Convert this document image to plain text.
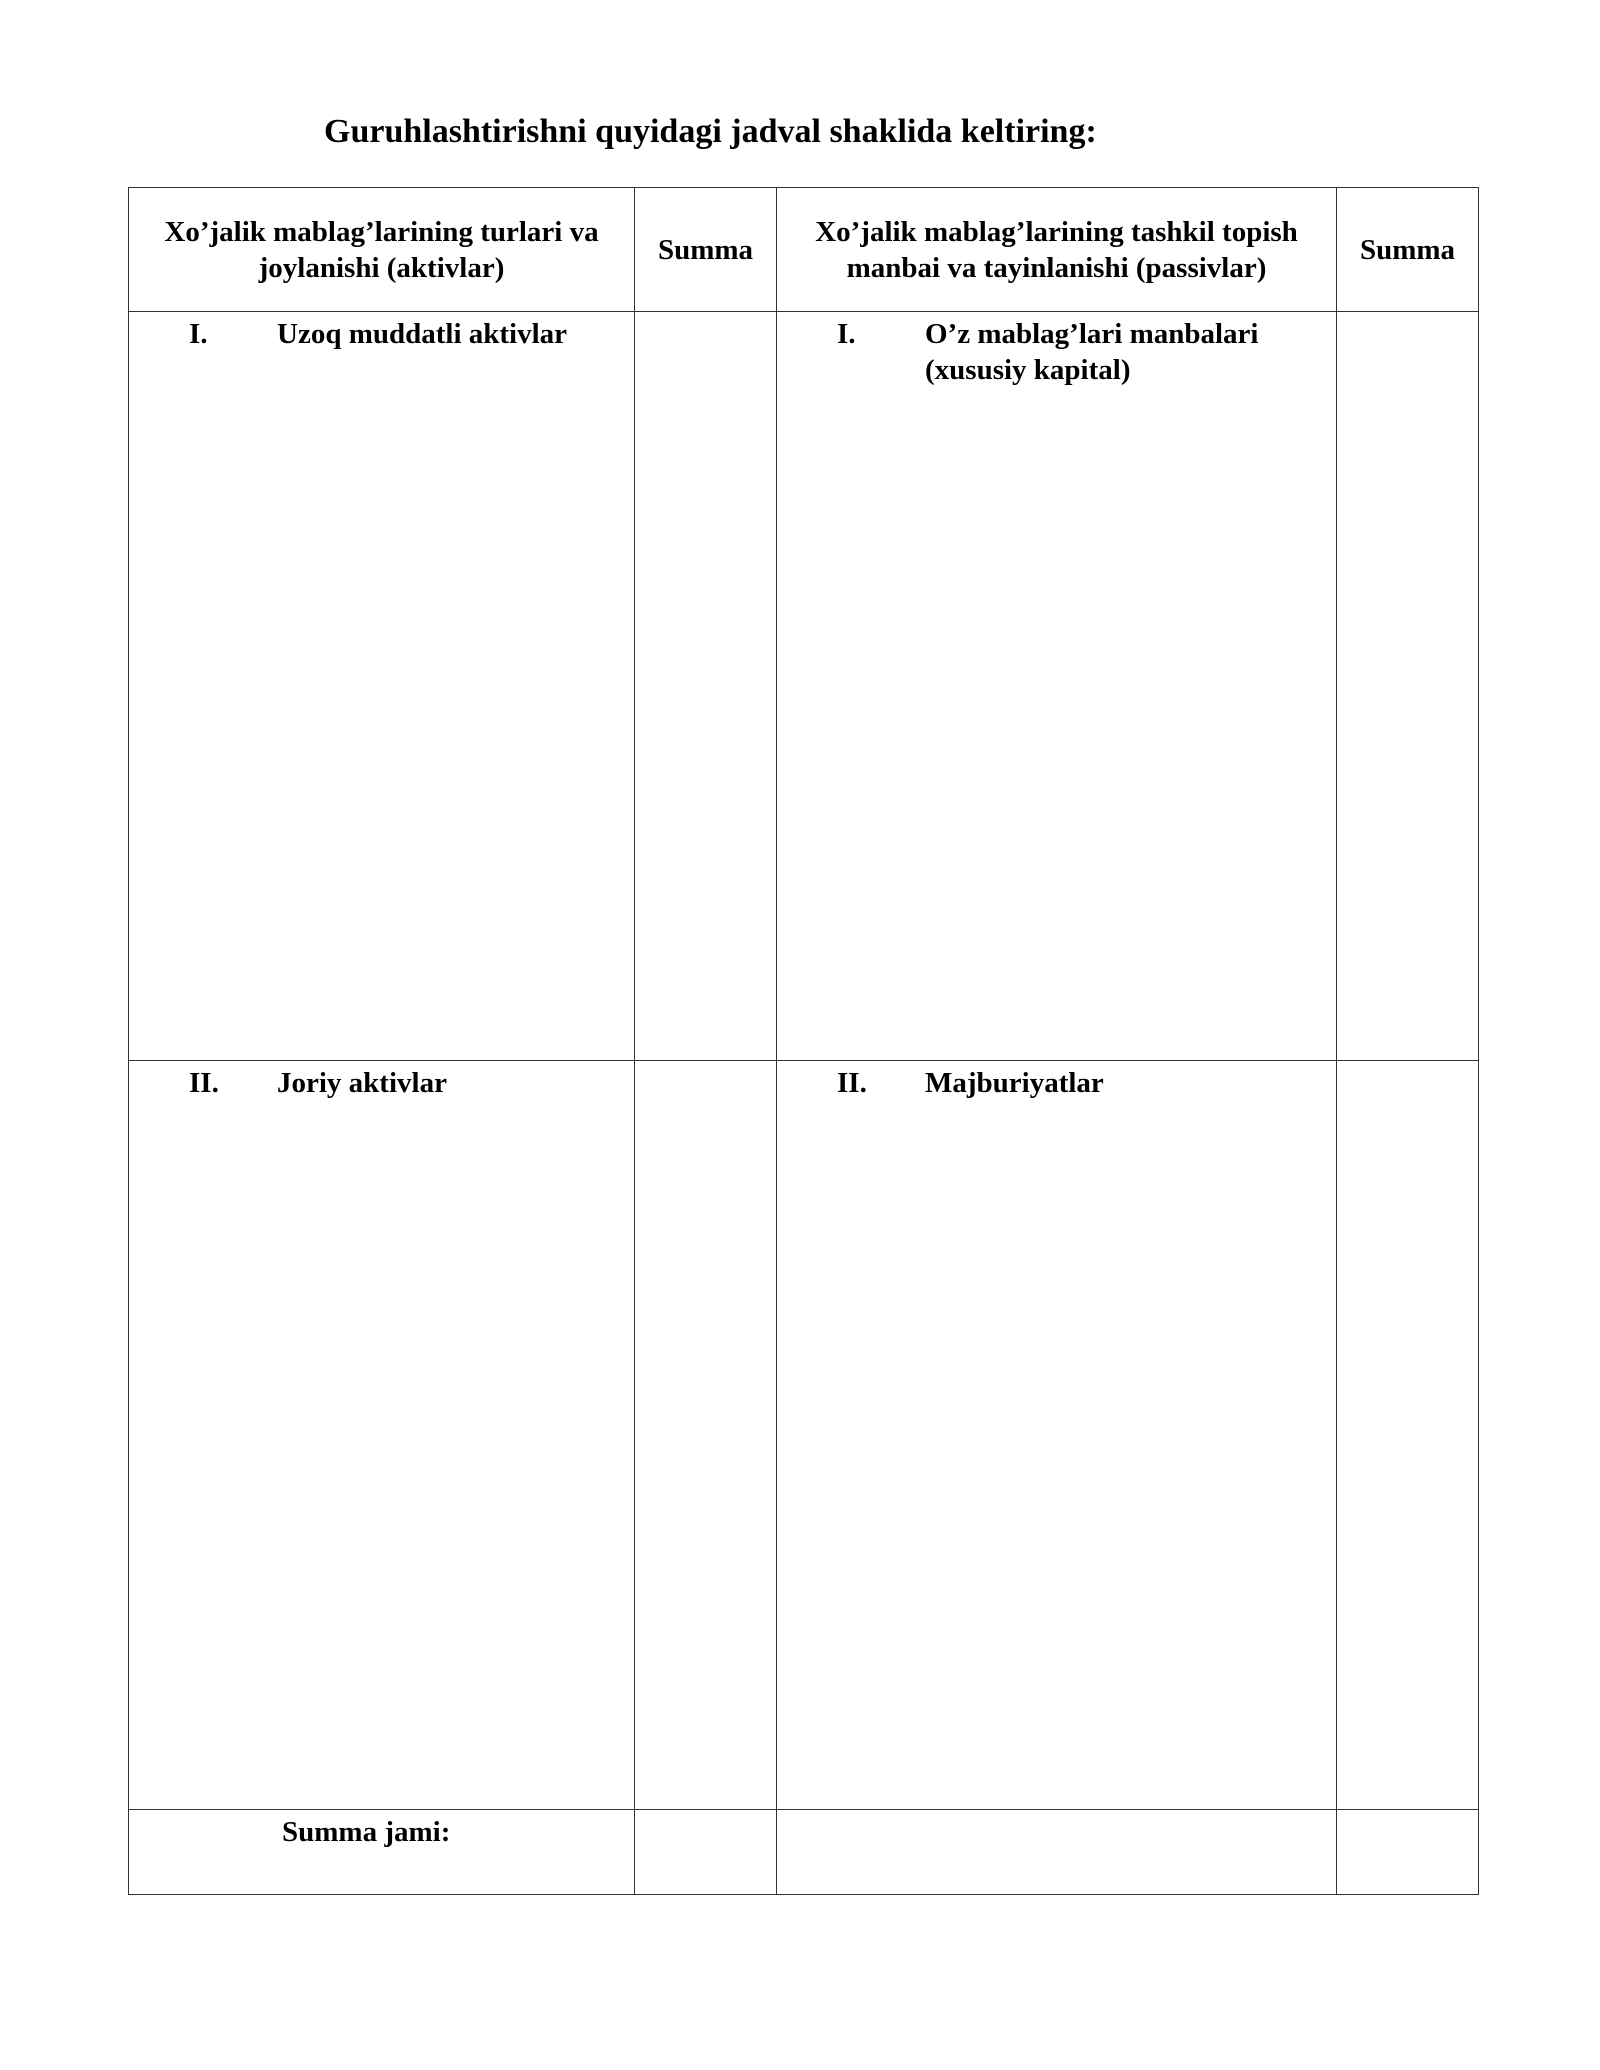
Guruhlashtirishni quyidagi jadval shaklida keltiring:
Xo’jalik mablag’larining turlari va joylanishi (aktivlar)	Summa	Xo’jalik mablag’larining tashkil topish manbai va tayinlanishi (passivlar)	Summa

I. Uzoq muddatli aktivlar		I. O’z mablag’lari manbalari (xususiy kapital)	

II. Joriy aktivlar		II. Majburiyatlar	

Summa jami:			
